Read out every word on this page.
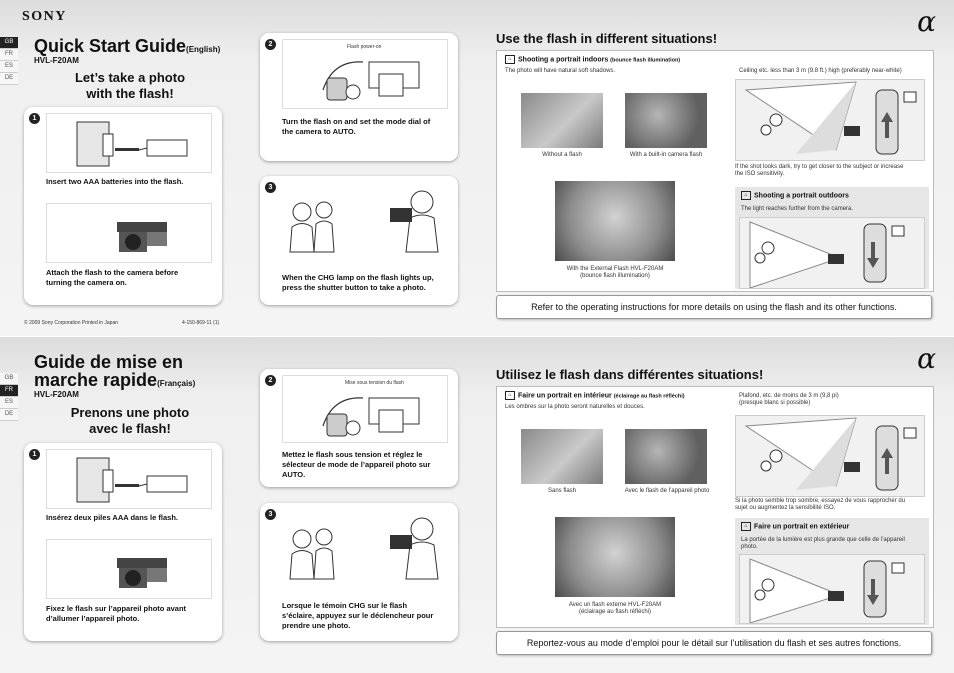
SONY	α
GB
FR
ES
DE
Quick Start Guide(English)
HVL-F20AM
Let’s take a photo
with the flash!
1
Insert two AAA batteries into the flash.
Attach the flash to the camera before
turning the camera on.
2	Flash power-on
Turn the flash on and set the mode dial of
the camera to AUTO.
3
When the CHG lamp on the flash lights up,
press the shutter button to take a photo.
© 2009 Sony Corporation Printed in Japan	4-150-869-11 (1)
Use the flash in different situations!
⌂ Shooting a portrait indoors (bounce flash illumination)
The photo will have natural soft shadows.
Without a flash	With a built-in camera flash
With the External Flash HVL-F20AM
(bounce flash illumination)
Ceiling etc. less than 3 m (9.8 ft.) high (preferably near-white)
If the shot looks dark, try to get closer to the subject or increase
the ISO sensitivity.
⌂ Shooting a portrait outdoors
The light reaches further from the camera.
Refer to the operating instructions for more details on using the flash and its other functions.
α
GB
FR
ES
DE
Guide de mise en
marche rapide(Français)
HVL-F20AM
Prenons une photo
avec le flash!
1
Insérez deux piles AAA dans le flash.
Fixez le flash sur l’appareil photo avant
d’allumer l’appareil photo.
2	Mise sous tension du flash
Mettez le flash sous tension et réglez le
sélecteur de mode de l’appareil photo sur
AUTO.
3
Lorsque le témoin CHG sur le flash
s’éclaire, appuyez sur le déclencheur pour
prendre une photo.
Utilisez le flash dans différentes situations!
⌂ Faire un portrait en intérieur (éclairage au flash réfléchi)
Les ombres sur la photo seront naturelles et douces.
Sans flash	Avec le flash de l’appareil photo
Avec un flash externe HVL-F20AM
(éclairage au flash réfléchi)
Plafond, etc. de moins de 3 m (9,8 pi)
(presque blanc si possible)
Si la photo semble trop sombre, essayez de vous rapprocher du
sujet ou augmentez la sensibilité ISO.
⌂ Faire un portrait en extérieur
La portée de la lumière est plus grande que celle de l’appareil
photo.
Reportez-vous au mode d’emploi pour le détail sur l’utilisation du flash et ses autres fonctions.
